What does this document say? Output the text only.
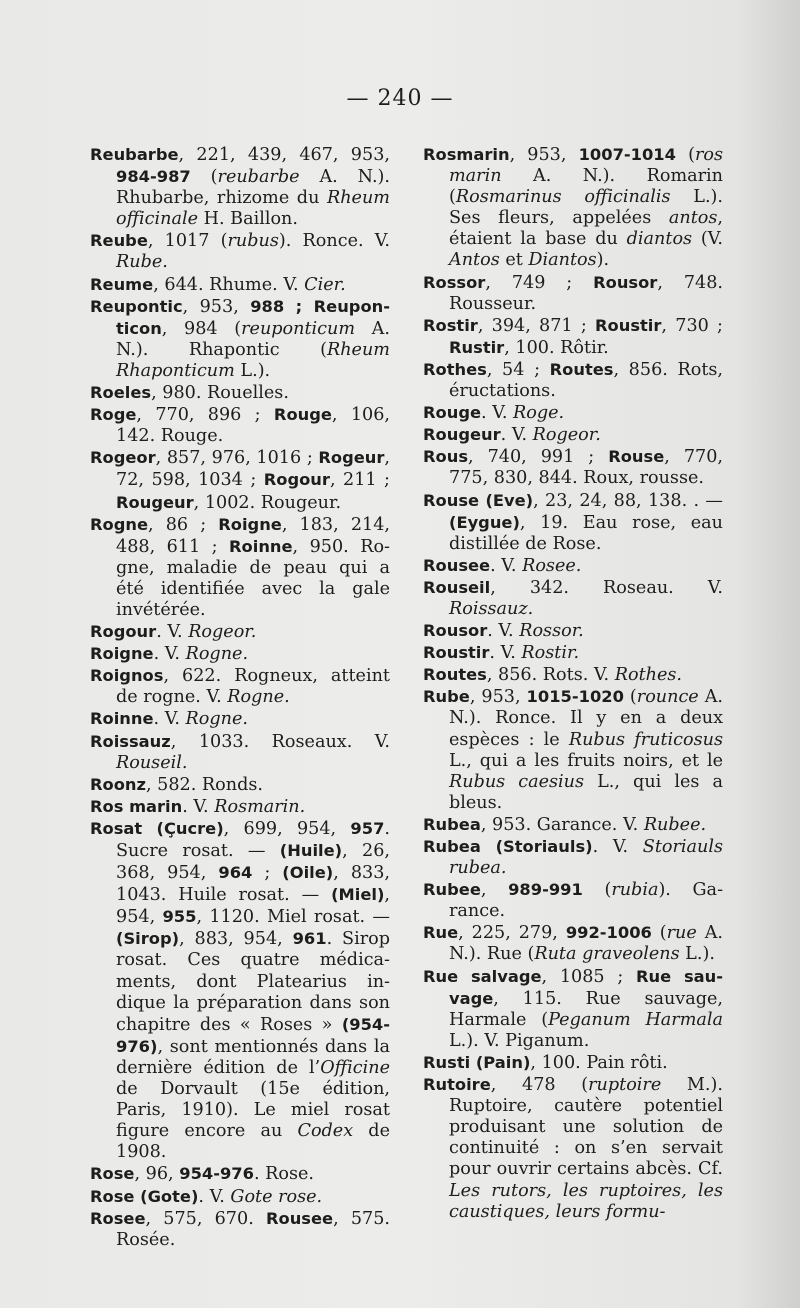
— 240 —

Reubarbe, 221, 439, 467, 953, 984-987 (reubarbe A. N.). Rhubarbe, rhizome du Rheum officinale H. Baillon.

Reube, 1017 (rubus). Ronce. V. Rube.

Reume, 644. Rhume. V. Cier.

Reupontic, 953, 988 ; Reuponticon, 984 (reuponticum A. N.). Rhapontic (Rheum Rhaponticum L.).

Roeles, 980. Rouelles.

Roge, 770, 896 ; Rouge, 106, 142. Rouge.

Rogeor, 857, 976, 1016 ; Rogeur, 72, 598, 1034 ; Rogour, 211 ; Rougeur, 1002. Rougeur.

Rogne, 86 ; Roigne, 183, 214, 488, 611 ; Roinne, 950. Rogne, maladie de peau qui a été identifiée avec la gale invétérée.

Rogour. V. Rogeor.

Roigne. V. Rogne.

Roignos, 622. Rogneux, atteint de rogne. V. Rogne.

Roinne. V. Rogne.

Roissauz, 1033. Roseaux. V. Rouseil.

Roonz, 582. Ronds.

Ros marin. V. Rosmarin.

Rosat (Çucre), 699, 954, 957. Sucre rosat. — (Huile), 26, 368, 954, 964 ; (Oile), 833, 1043. Huile rosat. — (Miel), 954, 955, 1120. Miel rosat. — (Sirop), 883, 954, 961. Sirop rosat. Ces quatre médicaments, dont Platearius indique la préparation dans son chapitre des « Roses » (954-976), sont mentionnés dans la dernière édition de l’Officine de Dorvault (15e édition, Paris, 1910). Le miel rosat figure encore au Codex de 1908.

Rose, 96, 954-976. Rose.

Rose (Gote). V. Gote rose.

Rosee, 575, 670. Rousee, 575. Rosée.

Rosmarin, 953, 1007-1014 (ros marin A. N.). Romarin (Rosmarinus officinalis L.). Ses fleurs, appelées antos, étaient la base du diantos (V. Antos et Diantos).

Rossor, 749 ; Rousor, 748. Rousseur.

Rostir, 394, 871 ; Roustir, 730 ; Rustir, 100. Rôtir.

Rothes, 54 ; Routes, 856. Rots, éructations.

Rouge. V. Roge.

Rougeur. V. Rogeor.

Rous, 740, 991 ; Rouse, 770, 775, 830, 844. Roux, rousse.

Rouse (Eve), 23, 24, 88, 138. . — (Eygue), 19. Eau rose, eau distillée de Rose.

Rousee. V. Rosee.

Rouseil, 342. Roseau. V. Roissauz.

Rousor. V. Rossor.

Roustir. V. Rostir.

Routes, 856. Rots. V. Rothes.

Rube, 953, 1015-1020 (rounce A. N.). Ronce. Il y en a deux espèces : le Rubus fruticosus L., qui a les fruits noirs, et le Rubus caesius L., qui les a bleus.

Rubea, 953. Garance. V. Rubee.

Rubea (Storiauls). V. Storiauls rubea.

Rubee, 989-991 (rubia). Garance.

Rue, 225, 279, 992-1006 (rue A. N.). Rue (Ruta graveolens L.).

Rue salvage, 1085 ; Rue sauvage, 115. Rue sauvage, Harmale (Peganum Harmala L.). V. Piganum.

Rusti (Pain), 100. Pain rôti.

Rutoire, 478 (ruptoire M.). Ruptoire, cautère potentiel produisant une solution de continuité : on s’en servait pour ouvrir certains abcès. Cf. Les rutors, les ruptoires, les caustiques, leurs formu-
